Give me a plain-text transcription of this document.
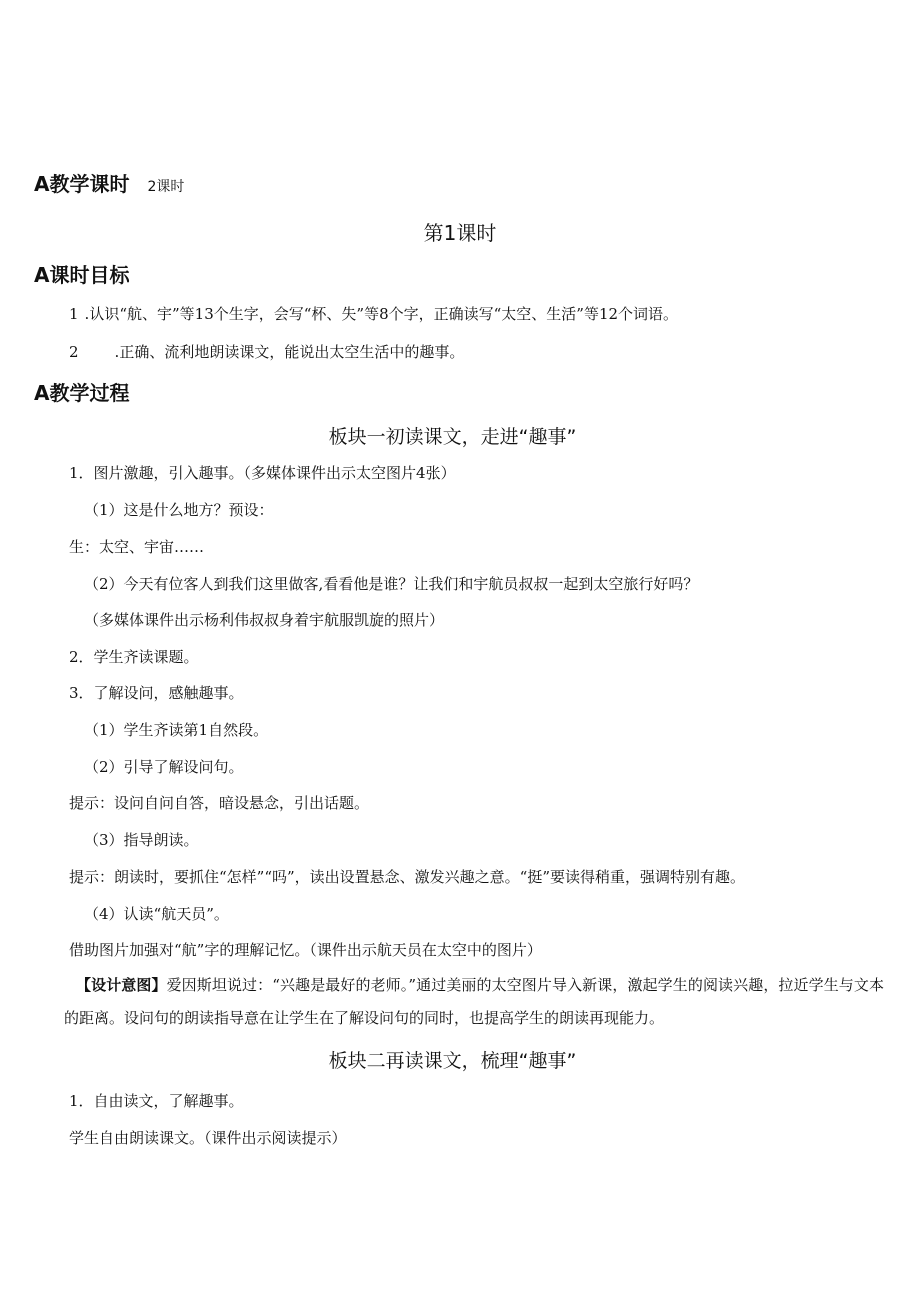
A教学课时 2课时
第1课时
A课时目标
1 .认识“航、宇”等13个生字，会写“杯、失”等8个字，正确读写“太空、生活”等12个词语。
2 .正确、流利地朗读课文，能说出太空生活中的趣事。
A教学过程
板块一初读课文，走进“趣事”
1．图片激趣，引入趣事。（多媒体课件出示太空图片4张）
（1）这是什么地方？预设：
生：太空、宇宙……
（2）今天有位客人到我们这里做客,看看他是谁？让我们和宇航员叔叔一起到太空旅行好吗？
（多媒体课件出示杨利伟叔叔身着宇航服凯旋的照片）
2．学生齐读课题。
3．了解设问，感触趣事。
（1）学生齐读第1自然段。
（2）引导了解设问句。
提示：设问自问自答，暗设悬念，引出话题。
（3）指导朗读。
提示：朗读时，要抓住“怎样”“吗”，读出设置悬念、激发兴趣之意。“挺”要读得稍重，强调特别有趣。
（4）认读“航天员”。
借助图片加强对“航”字的理解记忆。（课件出示航天员在太空中的图片）
【设计意图】爱因斯坦说过：“兴趣是最好的老师。”通过美丽的太空图片导入新课，激起学生的阅读兴趣，拉近学生与文本的距离。设问句的朗读指导意在让学生在了解设问句的同时，也提高学生的朗读再现能力。
板块二再读课文，梳理“趣事”
1．自由读文，了解趣事。
学生自由朗读课文。（课件出示阅读提示）
